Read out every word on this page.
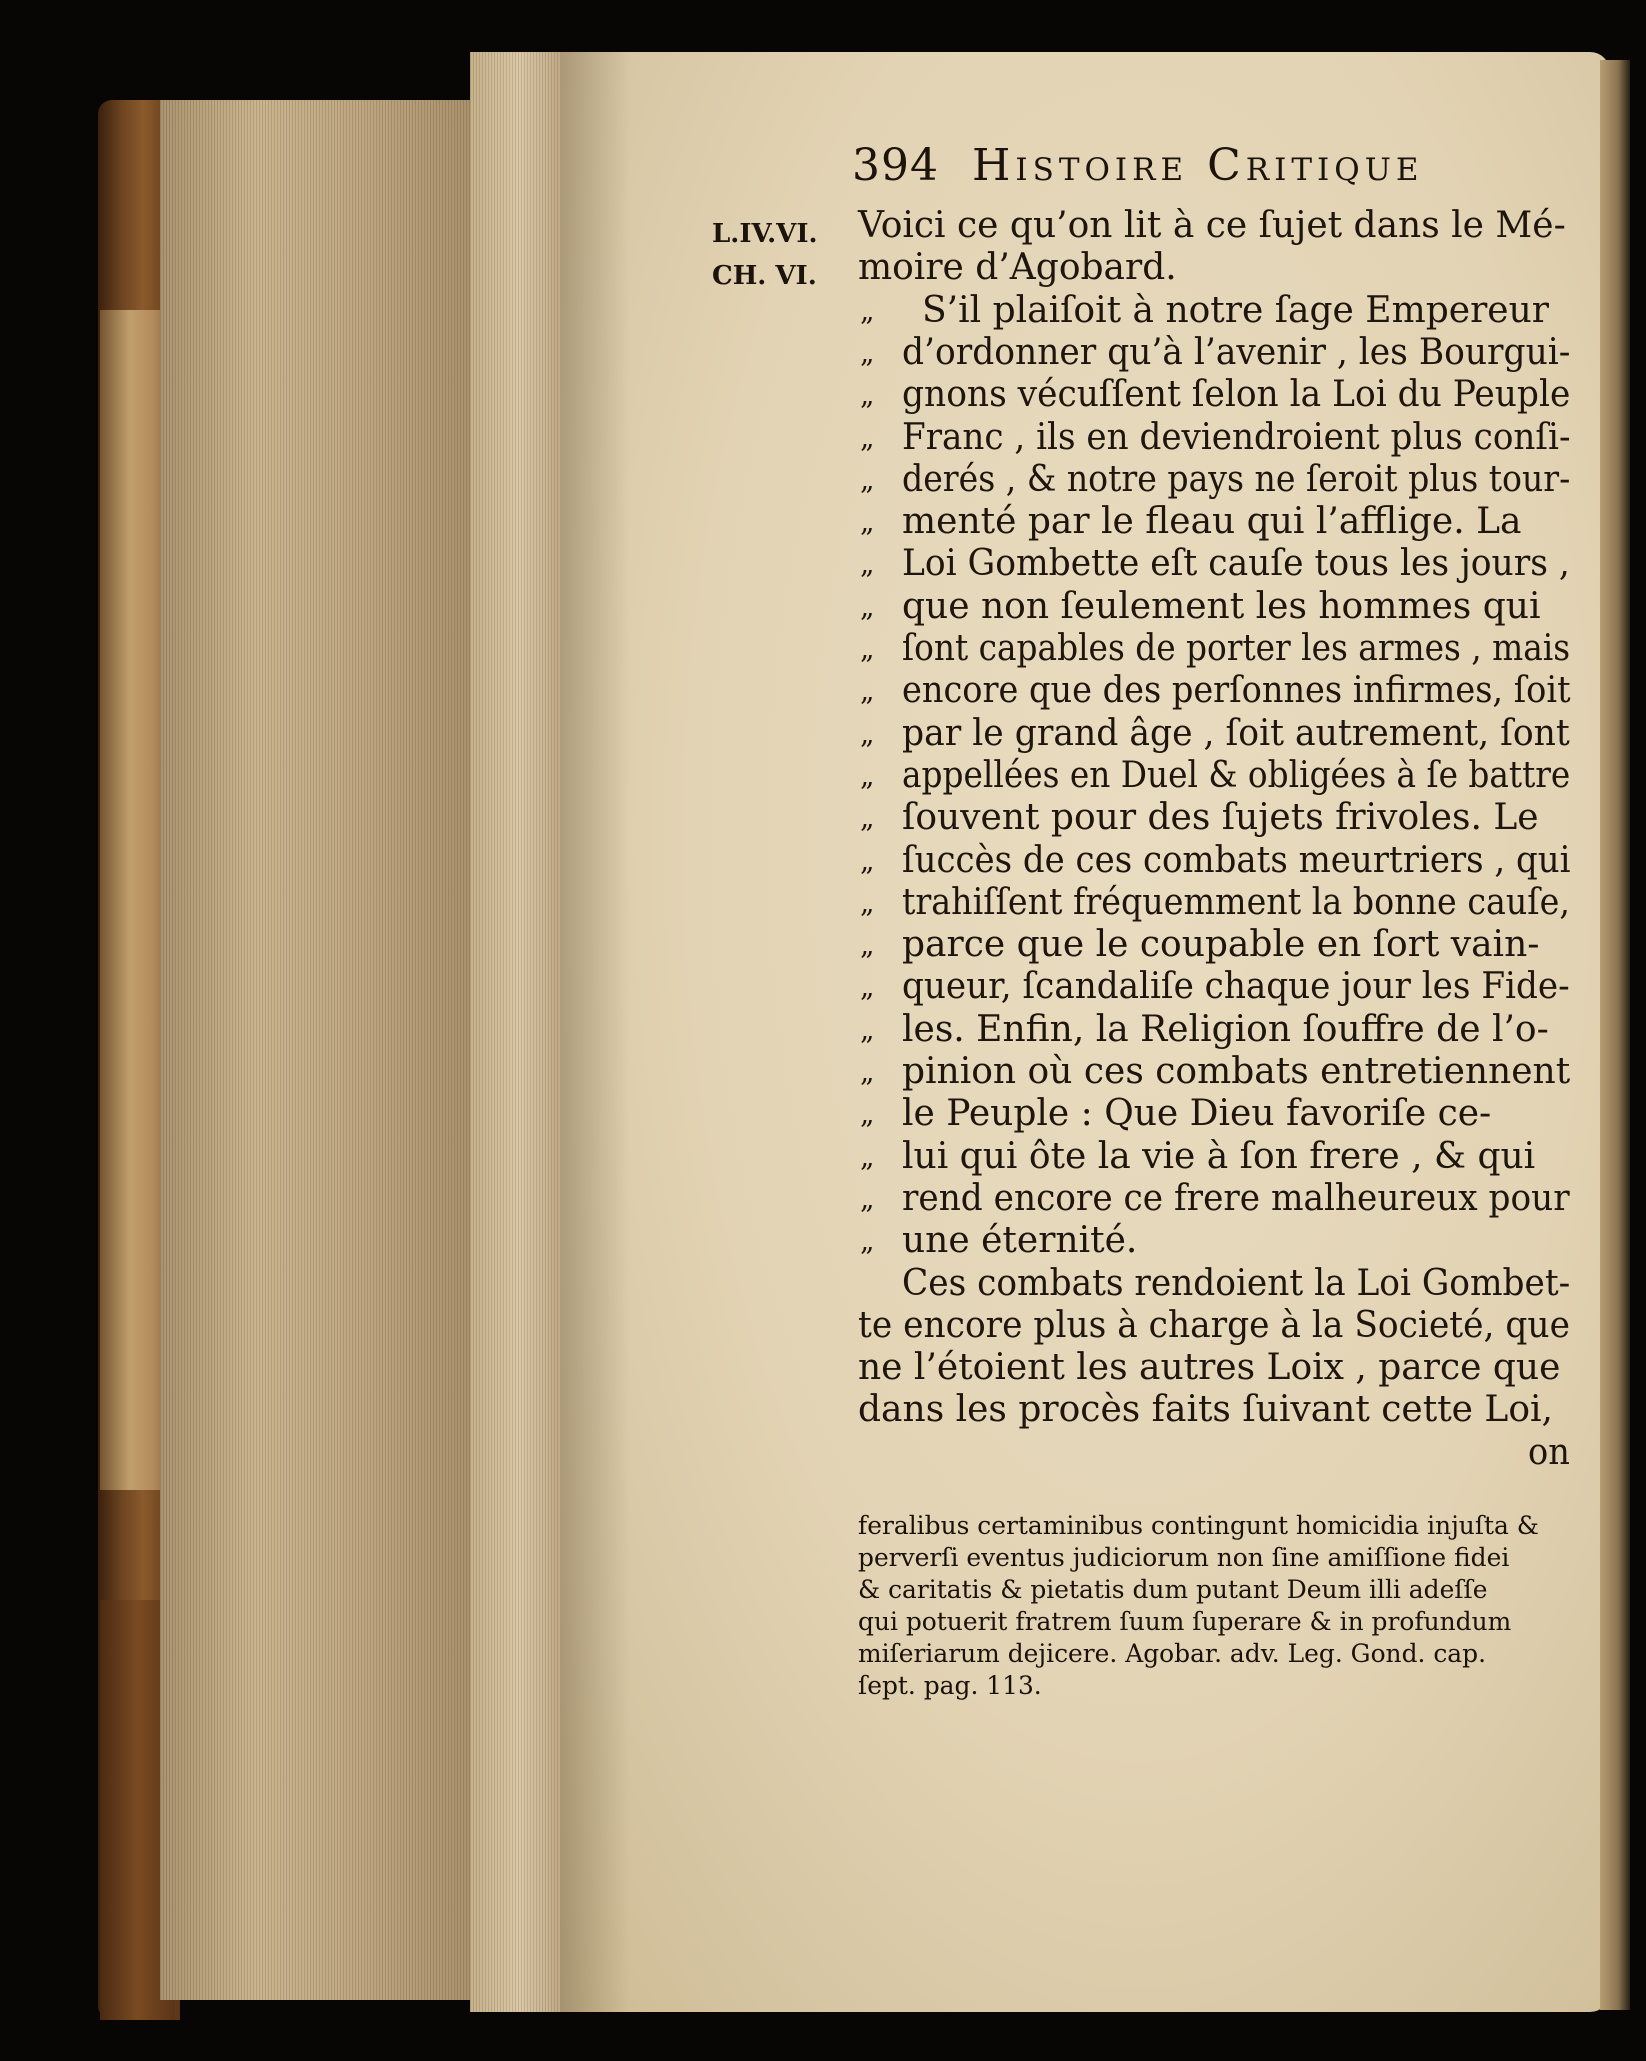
394 Histoire Critique
L.IV.VI.
CH. VI.
Voici ce qu’on lit à ce ſujet dans le Mé-
moire d’Agobard.
„ S’il plaiſoit à notre ſage Empereur
„ d’ordonner qu’à l’avenir , les Bourgui-
„ gnons vécuſſent ſelon la Loi du Peuple
„ Franc , ils en deviendroient plus conſi-
„ derés , & notre pays ne ſeroit plus tour-
„ menté par le fleau qui l’afflige. La
„ Loi Gombette eſt cauſe tous les jours ,
„ que non ſeulement les hommes qui
„ ſont capables de porter les armes , mais
„ encore que des perſonnes infirmes, ſoit
„ par le grand âge , ſoit autrement, ſont
„ appellées en Duel & obligées à ſe battre
„ ſouvent pour des ſujets frivoles. Le
„ ſuccès de ces combats meurtriers , qui
„ trahiſſent fréquemment la bonne cauſe,
„ parce que le coupable en ſort vain-
„ queur, ſcandaliſe chaque jour les Fide-
„ les. Enfin, la Religion ſouffre de l’o-
„ pinion où ces combats entretiennent
„ le Peuple : Que Dieu favoriſe ce-
„ lui qui ôte la vie à ſon frere , & qui
„ rend encore ce frere malheureux pour
„ une éternité.
Ces combats rendoient la Loi Gombet-
te encore plus à charge à la Societé, que
ne l’étoient les autres Loix , parce que
dans les procès faits ſuivant cette Loi,
on
feralibus certaminibus contingunt homicidia injuſta &
perverſi eventus judiciorum non ſine amiſſione fidei
& caritatis & pietatis dum putant Deum illi adeſſe
qui potuerit fratrem ſuum ſuperare & in profundum
miſeriarum dejicere. Agobar. adv. Leg. Gond. cap.
ſept. pag. 113.
